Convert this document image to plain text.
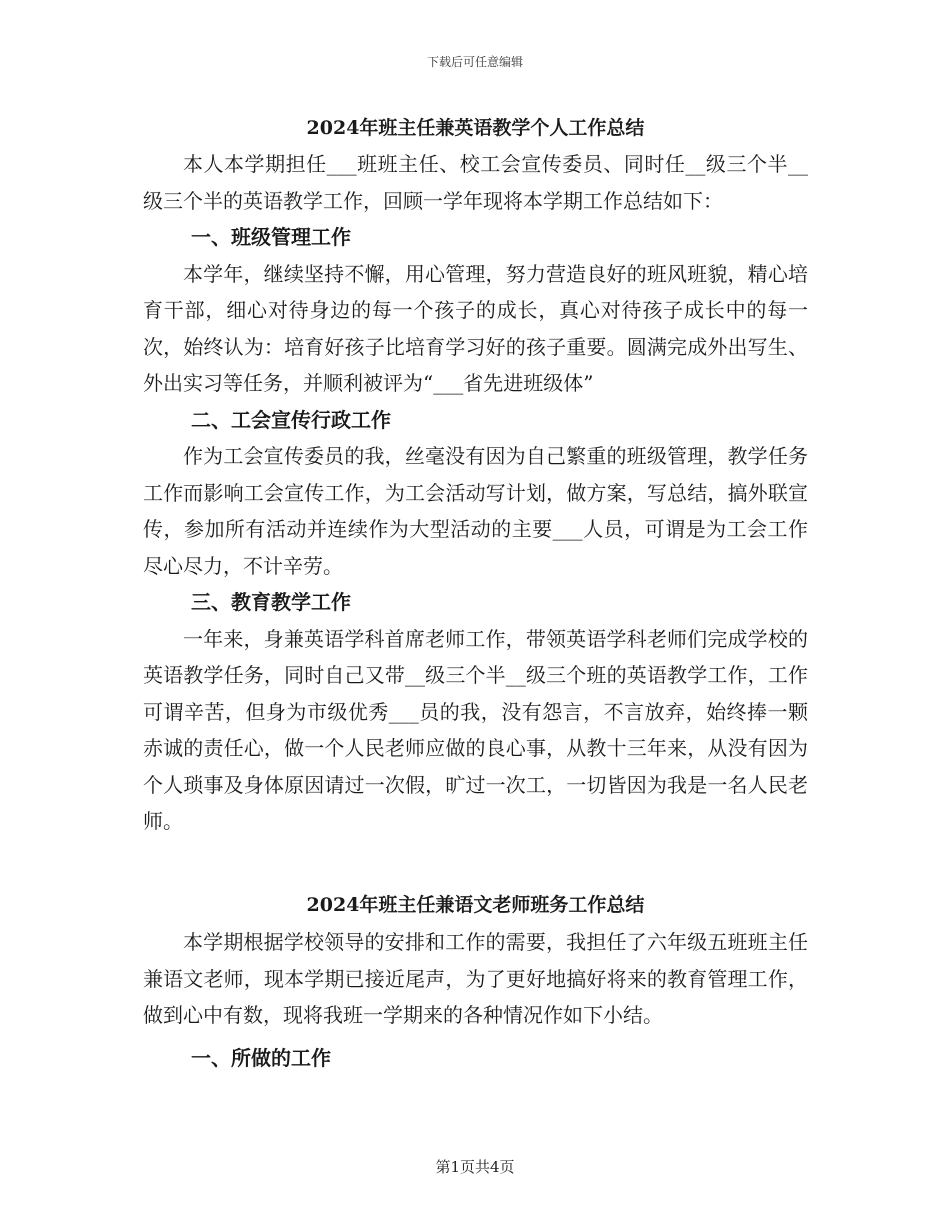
下载后可任意编辑
2024年班主任兼英语教学个人工作总结

本人本学期担任___班班主任、校工会宣传委员、同时任__级三个半__级三个半的英语教学工作，回顾一学年现将本学期工作总结如下：

一、班级管理工作

本学年，继续坚持不懈，用心管理，努力营造良好的班风班貌，精心培育干部，细心对待身边的每一个孩子的成长，真心对待孩子成长中的每一次，始终认为：培育好孩子比培育学习好的孩子重要。圆满完成外出写生、外出实习等任务，并顺利被评为“___省先进班级体”

二、工会宣传行政工作

作为工会宣传委员的我，丝毫没有因为自己繁重的班级管理，教学任务工作而影响工会宣传工作，为工会活动写计划，做方案，写总结，搞外联宣传，参加所有活动并连续作为大型活动的主要___人员，可谓是为工会工作尽心尽力，不计辛劳。

三、教育教学工作

一年来，身兼英语学科首席老师工作，带领英语学科老师们完成学校的英语教学任务，同时自己又带__级三个半__级三个班的英语教学工作，工作可谓辛苦，但身为市级优秀___员的我，没有怨言，不言放弃，始终捧一颗赤诚的责任心，做一个人民老师应做的良心事，从教十三年来，从没有因为个人琐事及身体原因请过一次假，旷过一次工，一切皆因为我是一名人民老师。

2024年班主任兼语文老师班务工作总结

本学期根据学校领导的安排和工作的需要，我担任了六年级五班班主任兼语文老师，现本学期已接近尾声，为了更好地搞好将来的教育管理工作，做到心中有数，现将我班一学期来的各种情况作如下小结。

一、所做的工作

第1页共4页
